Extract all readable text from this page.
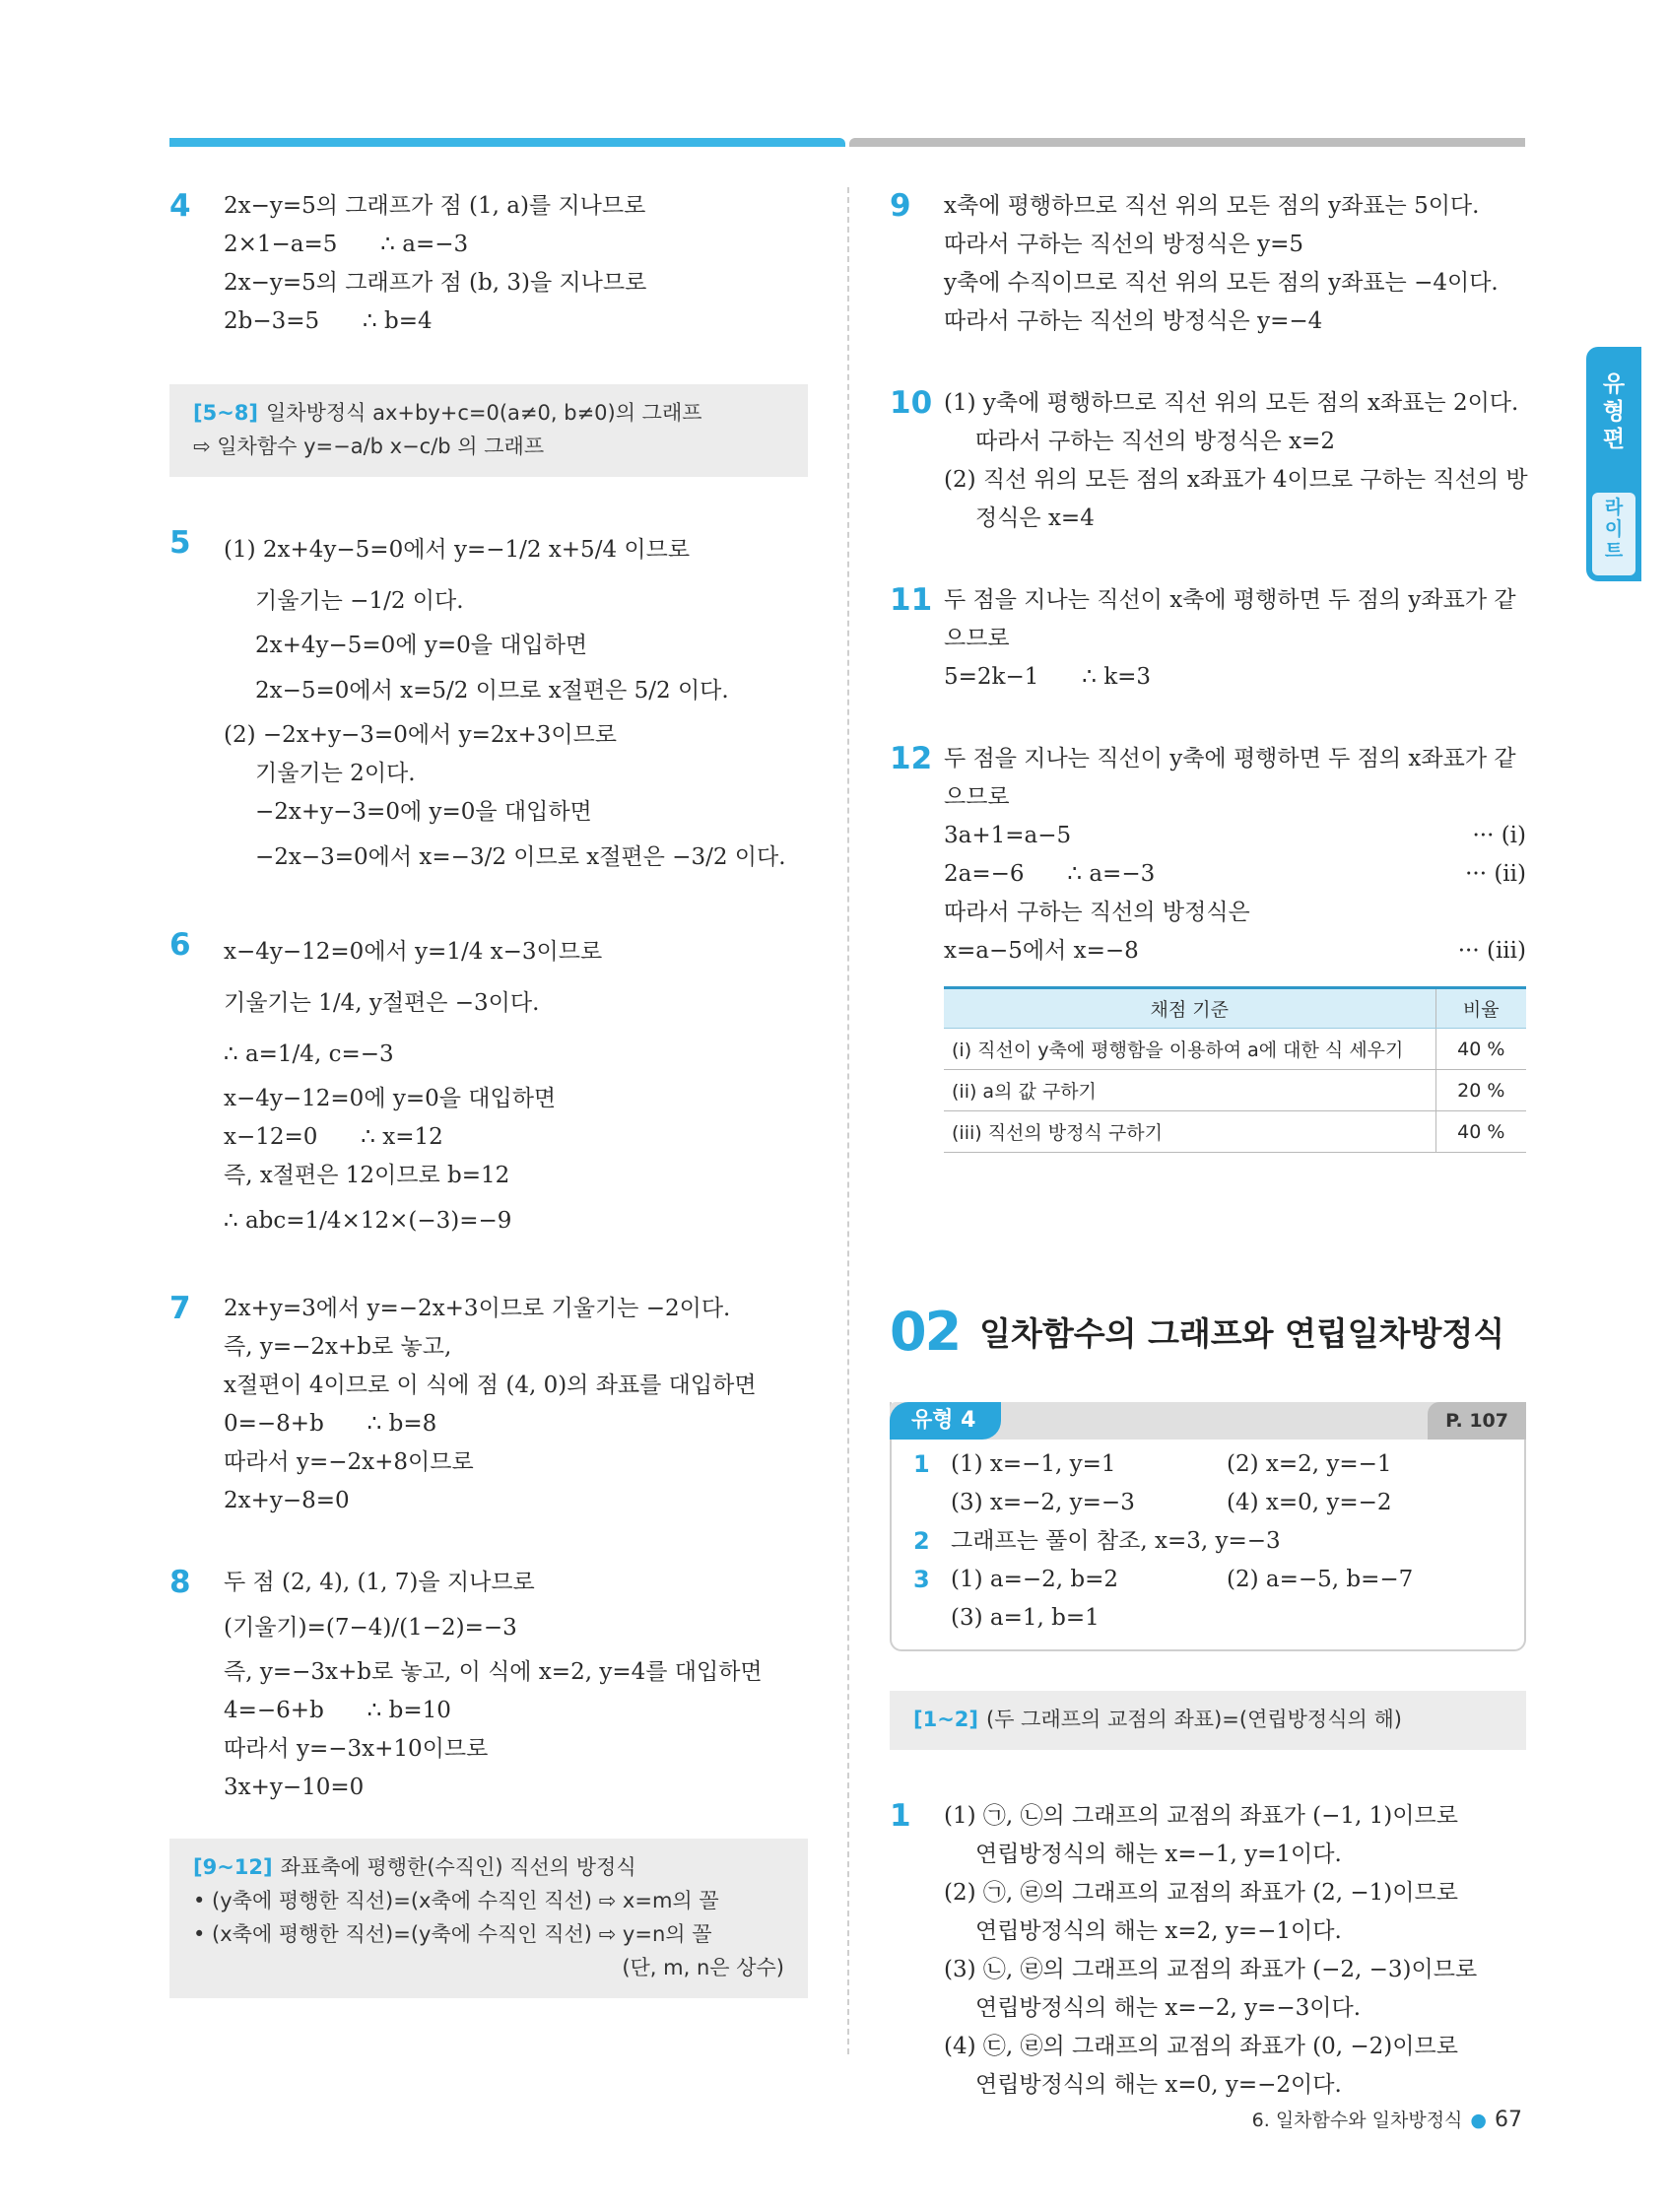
유형편
라이트
4	2x−y=5의 그래프가 점 (1, a)를 지나므로
2×1−a=5      ∴ a=−3
2x−y=5의 그래프가 점 (b, 3)을 지나므로
2b−3=5      ∴ b=4
[5~8] 일차방정식 ax+by+c=0(a≠0, b≠0)의 그래프
⇨ 일차함수 y=−a/b x−c/b 의 그래프
5	(1) 2x+4y−5=0에서 y=−1/2 x+5/4 이므로
기울기는 −1/2 이다.
2x+4y−5=0에 y=0을 대입하면
2x−5=0에서 x=5/2 이므로 x절편은 5/2 이다.
(2) −2x+y−3=0에서 y=2x+3이므로
기울기는 2이다.
−2x+y−3=0에 y=0을 대입하면
−2x−3=0에서 x=−3/2 이므로 x절편은 −3/2 이다.
6	x−4y−12=0에서 y=1/4 x−3이므로
기울기는 1/4, y절편은 −3이다.
∴ a=1/4, c=−3
x−4y−12=0에 y=0을 대입하면
x−12=0      ∴ x=12
즉, x절편은 12이므로 b=12
∴ abc=1/4×12×(−3)=−9
7	2x+y=3에서 y=−2x+3이므로 기울기는 −2이다.
즉, y=−2x+b로 놓고,
x절편이 4이므로 이 식에 점 (4, 0)의 좌표를 대입하면
0=−8+b      ∴ b=8
따라서 y=−2x+8이므로
2x+y−8=0
8	두 점 (2, 4), (1, 7)을 지나므로
(기울기)=(7−4)/(1−2)=−3
즉, y=−3x+b로 놓고, 이 식에 x=2, y=4를 대입하면
4=−6+b      ∴ b=10
따라서 y=−3x+10이므로
3x+y−10=0
[9~12] 좌표축에 평행한(수직인) 직선의 방정식
• (y축에 평행한 직선)=(x축에 수직인 직선) ⇨ x=m의 꼴
• (x축에 평행한 직선)=(y축에 수직인 직선) ⇨ y=n의 꼴
(단, m, n은 상수)
9	x축에 평행하므로 직선 위의 모든 점의 y좌표는 5이다.
따라서 구하는 직선의 방정식은 y=5
y축에 수직이므로 직선 위의 모든 점의 y좌표는 −4이다.
따라서 구하는 직선의 방정식은 y=−4
10 (1) y축에 평행하므로 직선 위의 모든 점의 x좌표는 2이다.
따라서 구하는 직선의 방정식은 x=2
(2) 직선 위의 모든 점의 x좌표가 4이므로 구하는 직선의 방
정식은 x=4
11 두 점을 지나는 직선이 x축에 평행하면 두 점의 y좌표가 같
으므로
5=2k−1      ∴ k=3
12 두 점을 지나는 직선이 y축에 평행하면 두 점의 x좌표가 같
으므로
3a+1=a−5	··· (i)
2a=−6      ∴ a=−3	··· (ii)
따라서 구하는 직선의 방정식은
x=a−5에서 x=−8	··· (iii)
채점 기준	비율
(i) 직선이 y축에 평행함을 이용하여 a에 대한 식 세우기	40 %
(ii) a의 값 구하기	20 %
(iii) 직선의 방정식 구하기	40 %
02 일차함수의 그래프와 연립일차방정식
유형 4	P. 107
1 (1) x=−1, y=1	(2) x=2, y=−1
(3) x=−2, y=−3	(4) x=0, y=−2
2 그래프는 풀이 참조, x=3, y=−3
3 (1) a=−2, b=2	(2) a=−5, b=−7
(3) a=1, b=1
[1~2] (두 그래프의 교점의 좌표)=(연립방정식의 해)
1	(1) ㉠, ㉡의 그래프의 교점의 좌표가 (−1, 1)이므로
연립방정식의 해는 x=−1, y=1이다.
(2) ㉠, ㉣의 그래프의 교점의 좌표가 (2, −1)이므로
연립방정식의 해는 x=2, y=−1이다.
(3) ㉡, ㉣의 그래프의 교점의 좌표가 (−2, −3)이므로
연립방정식의 해는 x=−2, y=−3이다.
(4) ㉢, ㉣의 그래프의 교점의 좌표가 (0, −2)이므로
연립방정식의 해는 x=0, y=−2이다.
6. 일차함수와 일차방정식 ● 67
